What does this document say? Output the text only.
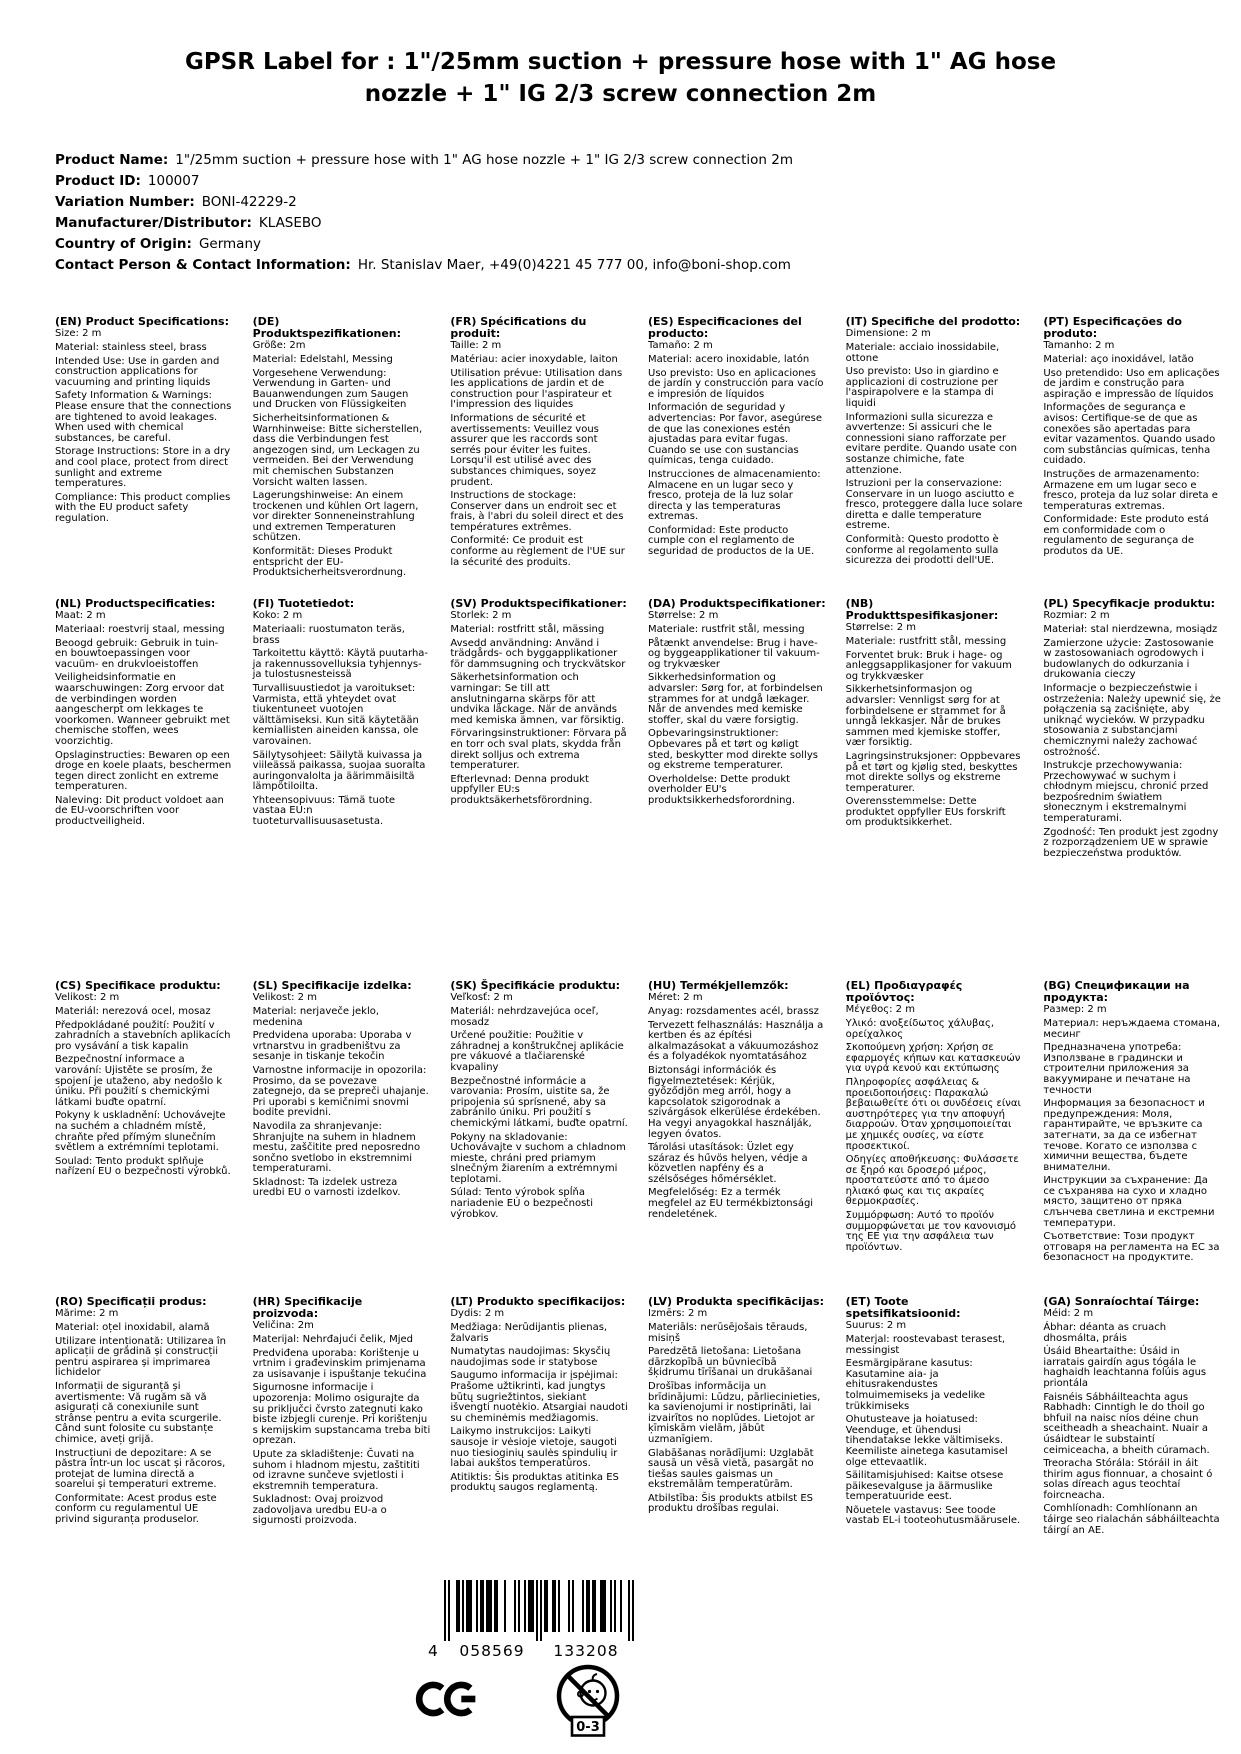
GPSR Label for : 1"/25mm suction + pressure hose with 1" AG hose nozzle + 1" IG 2/3 screw connection 2m
Product Name: 1"/25mm suction + pressure hose with 1" AG hose nozzle + 1" IG 2/3 screw connection 2m
Product ID: 100007
Variation Number: BONI-42229-2
Manufacturer/Distributor: KLASEBO
Country of Origin: Germany
Contact Person & Contact Information: Hr. Stanislav Maer, +49(0)4221 45 777 00, info@boni-shop.com
(EN) Product Specifications:

Size: 2 m

Material: stainless steel, brass

Intended Use: Use in garden and construction applications for vacuuming and printing liquids

Safety Information & Warnings: Please ensure that the connections are tightened to avoid leakages. When used with chemical substances, be careful.

Storage Instructions: Store in a dry and cool place, protect from direct sunlight and extreme temperatures.

Compliance: This product complies with the EU product safety regulation.

(DE) Produktspezifikationen:

Größe: 2m

Material: Edelstahl, Messing

Vorgesehene Verwendung: Verwendung in Garten- und Bauanwendungen zum Saugen und Drucken von Flüssigkeiten

Sicherheitsinformationen & Warnhinweise: Bitte sicherstellen, dass die Verbindungen fest angezogen sind, um Leckagen zu vermeiden. Bei der Verwendung mit chemischen Substanzen Vorsicht walten lassen.

Lagerungshinweise: An einem trockenen und kühlen Ort lagern, vor direkter Sonneneinstrahlung und extremen Temperaturen schützen.

Konformität: Dieses Produkt entspricht der EU-Produktsicherheitsverordnung.

(FR) Spécifications du produit:

Taille: 2 m

Matériau: acier inoxydable, laiton

Utilisation prévue: Utilisation dans les applications de jardin et de construction pour l'aspirateur et l'impression des liquides

Informations de sécurité et avertissements: Veuillez vous assurer que les raccords sont serrés pour éviter les fuites. Lorsqu'il est utilisé avec des substances chimiques, soyez prudent.

Instructions de stockage: Conserver dans un endroit sec et frais, à l'abri du soleil direct et des températures extrêmes.

Conformité: Ce produit est conforme au règlement de l'UE sur la sécurité des produits.

(ES) Especificaciones del producto:

Tamaño: 2 m

Material: acero inoxidable, latón

Uso previsto: Uso en aplicaciones de jardín y construcción para vacío e impresión de líquidos

Información de seguridad y advertencias: Por favor, asegúrese de que las conexiones estén ajustadas para evitar fugas. Cuando se use con sustancias químicas, tenga cuidado.

Instrucciones de almacenamiento: Almacene en un lugar seco y fresco, proteja de la luz solar directa y las temperaturas extremas.

Conformidad: Este producto cumple con el reglamento de seguridad de productos de la UE.

(IT) Specifiche del prodotto:

Dimensione: 2 m

Materiale: acciaio inossidabile, ottone

Uso previsto: Uso in giardino e applicazioni di costruzione per l'aspirapolvere e la stampa di liquidi

Informazioni sulla sicurezza e avvertenze: Si assicuri che le connessioni siano rafforzate per evitare perdite. Quando usate con sostanze chimiche, fate attenzione.

Istruzioni per la conservazione: Conservare in un luogo asciutto e fresco, proteggere dalla luce solare diretta e dalle temperature estreme.

Conformità: Questo prodotto è conforme al regolamento sulla sicurezza dei prodotti dell'UE.

(PT) Especificações do produto:

Tamanho: 2 m

Material: aço inoxidável, latão

Uso pretendido: Uso em aplicações de jardim e construção para aspiração e impressão de líquidos

Informações de segurança e avisos: Certifique-se de que as conexões são apertadas para evitar vazamentos. Quando usado com substâncias químicas, tenha cuidado.

Instruções de armazenamento: Armazene em um lugar seco e fresco, proteja da luz solar direta e temperaturas extremas.

Conformidade: Este produto está em conformidade com o regulamento de segurança de produtos da UE.

(NL) Productspecificaties:

Maat: 2 m

Materiaal: roestvrij staal, messing

Beoogd gebruik: Gebruik in tuin- en bouwtoepassingen voor vacuüm- en drukvloeistoffen

Veiligheidsinformatie en waarschuwingen: Zorg ervoor dat de verbindingen worden aangescherpt om lekkages te voorkomen. Wanneer gebruikt met chemische stoffen, wees voorzichtig.

Opslaginstructies: Bewaren op een droge en koele plaats, beschermen tegen direct zonlicht en extreme temperaturen.

Naleving: Dit product voldoet aan de EU-voorschriften voor productveiligheid.

(FI) Tuotetiedot:

Koko: 2 m

Materiaali: ruostumaton teräs, brass

Tarkoitettu käyttö: Käytä puutarha- ja rakennussovelluksia tyhjennys- ja tulostusnesteissä

Turvallisuustiedot ja varoitukset: Varmista, että yhteydet ovat tiukentuneet vuotojen välttämiseksi. Kun sitä käytetään kemiallisten aineiden kanssa, ole varovainen.

Säilytysohjeet: Säilytä kuivassa ja viileässä paikassa, suojaa suoralta auringonvalolta ja äärimmäisiltä lämpötiloilta.

Yhteensopivuus: Tämä tuote vastaa EU:n tuoteturvallisuusasetusta.

(SV) Produktspecifikationer:

Storlek: 2 m

Material: rostfritt stål, mässing

Avsedd användning: Använd i trädgårds- och byggapplikationer för dammsugning och tryckvätskor

Säkerhetsinformation och varningar: Se till att anslutningarna skärps för att undvika läckage. När de används med kemiska ämnen, var försiktig.

Förvaringsinstruktioner: Förvara på en torr och sval plats, skydda från direkt solljus och extrema temperaturer.

Efterlevnad: Denna produkt uppfyller EU:s produktsäkerhetsförordning.

(DA) Produktspecifikationer:

Størrelse: 2 m

Materiale: rustfrit stål, messing

Påtænkt anvendelse: Brug i have- og byggeapplikationer til vakuum- og trykvæsker

Sikkerhedsinformation og advarsler: Sørg for, at forbindelsen strammes for at undgå lækager. Når de anvendes med kemiske stoffer, skal du være forsigtig.

Opbevaringsinstruktioner: Opbevares på et tørt og køligt sted, beskytter mod direkte sollys og ekstreme temperaturer.

Overholdelse: Dette produkt overholder EU's produktsikkerhedsforordning.

(NB) Produkttspesifikasjoner:

Størrelse: 2 m

Materiale: rustfritt stål, messing

Forventet bruk: Bruk i hage- og anleggsapplikasjoner for vakuum og trykkvæsker

Sikkerhetsinformasjon og advarsler: Vennligst sørg for at forbindelsene er strammet for å unngå lekkasjer. Når de brukes sammen med kjemiske stoffer, vær forsiktig.

Lagringsinstruksjoner: Oppbevares på et tørt og kjølig sted, beskyttes mot direkte sollys og ekstreme temperaturer.

Overensstemmelse: Dette produktet oppfyller EUs forskrift om produktsikkerhet.

(PL) Specyfikacje produktu:

Rozmiar: 2 m

Materiał: stal nierdzewna, mosiądz

Zamierzone użycie: Zastosowanie w zastosowaniach ogrodowych i budowlanych do odkurzania i drukowania cieczy

Informacje o bezpieczeństwie i ostrzeżenia: Należy upewnić się, że połączenia są zaciśnięte, aby uniknąć wycieków. W przypadku stosowania z substancjami chemicznymi należy zachować ostrożność.

Instrukcje przechowywania: Przechowywać w suchym i chłodnym miejscu, chronić przed bezpośrednim światłem słonecznym i ekstremalnymi temperaturami.

Zgodność: Ten produkt jest zgodny z rozporządzeniem UE w sprawie bezpieczeństwa produktów.

(CS) Specifikace produktu:

Velikost: 2 m

Materiál: nerezová ocel, mosaz

Předpokládané použití: Použití v zahradních a stavebních aplikacích pro vysávání a tisk kapalin

Bezpečnostní informace a varování: Ujistěte se prosím, že spojení je utaženo, aby nedošlo k úniku. Při použití s chemickými látkami buďte opatrní.

Pokyny k uskladnění: Uchovávejte na suchém a chladném místě, chraňte před přímým slunečním světlem a extrémními teplotami.

Soulad: Tento produkt splňuje nařízení EU o bezpečnosti výrobků.

(SL) Specifikacije izdelka:

Velikost: 2 m

Material: nerjaveče jeklo, medenina

Predvidena uporaba: Uporaba v vrtnarstvu in gradbeništvu za sesanje in tiskanje tekočin

Varnostne informacije in opozorila: Prosimo, da se povezave zategnejo, da se prepreči uhajanje. Pri uporabi s kemičnimi snovmi bodite previdni.

Navodila za shranjevanje: Shranjujte na suhem in hladnem mestu, zaščitite pred neposredno sončno svetlobo in ekstremnimi temperaturami.

Skladnost: Ta izdelek ustreza uredbi EU o varnosti izdelkov.

(SK) Špecifikácie produktu:

Veľkosť: 2 m

Materiál: nehrdzavejúca oceľ, mosadz

Určené použitie: Použitie v záhradnej a konštrukčnej aplikácie pre vákuové a tlačiarenské kvapaliny

Bezpečnostné informácie a varovania: Prosím, uistite sa, že pripojenia sú sprísnené, aby sa zabránilo úniku. Pri použití s chemickými látkami, buďte opatrní.

Pokyny na skladovanie: Uchovávajte v suchom a chladnom mieste, chráni pred priamym slnečným žiarením a extrémnymi teplotami.

Súlad: Tento výrobok spĺňa nariadenie EÚ o bezpečnosti výrobkov.

(HU) Termékjellemzők:

Méret: 2 m

Anyag: rozsdamentes acél, brassz

Tervezett felhasználás: Használja a kertben és az építési alkalmazásokat a vákuumozáshoz és a folyadékok nyomtatásához

Biztonsági információk és figyelmeztetések: Kérjük, győződjön meg arról, hogy a kapcsolatok szigorodnak a szivárgások elkerülése érdekében. Ha vegyi anyagokkal használják, legyen óvatos.

Tárolási utasítások: Üzlet egy száraz és hűvös helyen, védje a közvetlen napfény és a szélsőséges hőmérséklet.

Megfelelőség: Ez a termék megfelel az EU termékbiztonsági rendeletének.

(EL) Προδιαγραφές προϊόντος:

Μέγεθος: 2 m

Υλικό: ανοξείδωτος χάλυβας, ορείχαλκος

Σκοπούμενη χρήση: Χρήση σε εφαρμογές κήπων και κατασκευών για υγρά κενού και εκτύπωσης

Πληροφορίες ασφάλειας & προειδοποιήσεις: Παρακαλώ βεβαιωθείτε ότι οι συνδέσεις είναι αυστηρότερες για την αποφυγή διαρροών. Όταν χρησιμοποιείται με χημικές ουσίες, να είστε προσεκτικοί.

Οδηγίες αποθήκευσης: Φυλάσσετε σε ξηρό και δροσερό μέρος, προστατεύστε από το άμεσο ηλιακό φως και τις ακραίες θερμοκρασίες.

Συμμόρφωση: Αυτό το προϊόν συμμορφώνεται με τον κανονισμό της ΕΕ για την ασφάλεια των προϊόντων.

(BG) Спецификации на продукта:

Размер: 2 m

Материал: неръждаема стомана, месинг

Предназначена употреба: Използване в градински и строителни приложения за вакуумиране и печатане на течности

Информация за безопасност и предупреждения: Моля, гарантирайте, че връзките са затегнати, за да се избегнат течове. Когато се използва с химични вещества, бъдете внимателни.

Инструкции за съхранение: Да се съхранява на сухо и хладно място, защитено от пряка слънчева светлина и екстремни температури.

Съответствие: Този продукт отговаря на регламента на ЕС за безопасност на продуктите.

(RO) Specificații produs:

Mărime: 2 m

Material: oțel inoxidabil, alamă

Utilizare intenționată: Utilizarea în aplicații de grădină și construcții pentru aspirarea și imprimarea lichidelor

Informații de siguranță și avertismente: Vă rugăm să vă asigurați că conexiunile sunt strânse pentru a evita scurgerile. Când sunt folosite cu substanțe chimice, aveți grijă.

Instrucțiuni de depozitare: A se păstra într-un loc uscat și răcoros, protejat de lumina directă a soarelui și temperaturi extreme.

Conformitate: Acest produs este conform cu regulamentul UE privind siguranța produselor.

(HR) Specifikacije proizvoda:

Veličina: 2m

Materijal: Nehrđajući čelik, Mjed

Predviđena uporaba: Korištenje u vrtnim i građevinskim primjenama za usisavanje i ispuštanje tekućina

Sigurnosne informacije i upozorenja: Molimo osigurajte da su priključci čvrsto zategnuti kako biste izbjegli curenje. Pri korištenju s kemijskim supstancama treba biti oprezan.

Upute za skladištenje: Čuvati na suhom i hladnom mjestu, zaštititi od izravne sunčeve svjetlosti i ekstremnih temperatura.

Sukladnost: Ovaj proizvod zadovoljava uredbu EU-a o sigurnosti proizvoda.

(LT) Produkto specifikacijos:

Dydis: 2 m

Medžiaga: Nerūdijantis plienas, žalvaris

Numatytas naudojimas: Skysčių naudojimas sode ir statybose

Saugumo informacija ir įspėjimai: Prašome užtikrinti, kad jungtys būtų sugriežtintos, siekiant išvengti nuotėkio. Atsargiai naudoti su cheminėmis medžiagomis.

Laikymo instrukcijos: Laikyti sausoje ir vėsioje vietoje, saugoti nuo tiesioginių saulės spindulių ir labai aukštos temperatūros.

Atitiktis: Šis produktas atitinka ES produktų saugos reglamentą.

(LV) Produkta specifikācijas:

Izmērs: 2 m

Materiāls: nerūsējošais tērauds, misiņš

Paredzētā lietošana: Lietošana dārzkopībā un būvniecībā šķidrumu tīrīšanai un drukāšanai

Drošības informācija un brīdinājumi: Lūdzu, pārliecinieties, ka savienojumi ir nostiprināti, lai izvairītos no noplūdes. Lietojot ar ķīmiskām vielām, jābūt uzmanīgiem.

Glabāšanas norādījumi: Uzglabāt sausā un vēsā vietā, pasargāt no tiešas saules gaismas un ekstremālām temperatūrām.

Atbilstība: Šis produkts atbilst ES produktu drošības regulai.

(ET) Toote spetsifikatsioonid:

Suurus: 2 m

Materjal: roostevabast terasest, messingist

Eesmärgipärane kasutus: Kasutamine aia- ja ehitusrakendustes tolmuimemiseks ja vedelike trükkimiseks

Ohutusteave ja hoiatused: Veenduge, et ühendusi tihendatakse lekke vältimiseks. Keemiliste ainetega kasutamisel olge ettevaatlik.

Säilitamisjuhised: Kaitse otsese päikesevalguse ja äärmuslike temperatuuride eest.

Nõuetele vastavus: See toode vastab EL-i tooteohutusmäärusele.

(GA) Sonraíochtaí Táirge:

Méid: 2 m

Ábhar: déanta as cruach dhosmálta, práis

Úsáid Bheartaithe: Úsáid in iarratais gairdín agus tógála le haghaidh leachtanna folúis agus priontála

Faisnéis Sábháilteachta agus Rabhadh: Cinntigh le do thoil go bhfuil na naisc níos déine chun sceitheadh a sheachaint. Nuair a úsáidtear le substaintí ceimiceacha, a bheith cúramach.

Treoracha Stórála: Stóráil in áit thirim agus fionnuar, a chosaint ó solas díreach agus teochtaí foircneacha.

Comhlíonadh: Comhlíonann an táirge seo rialachán sábháilteachta táirgí an AE.

4 058569 133208
0-3
